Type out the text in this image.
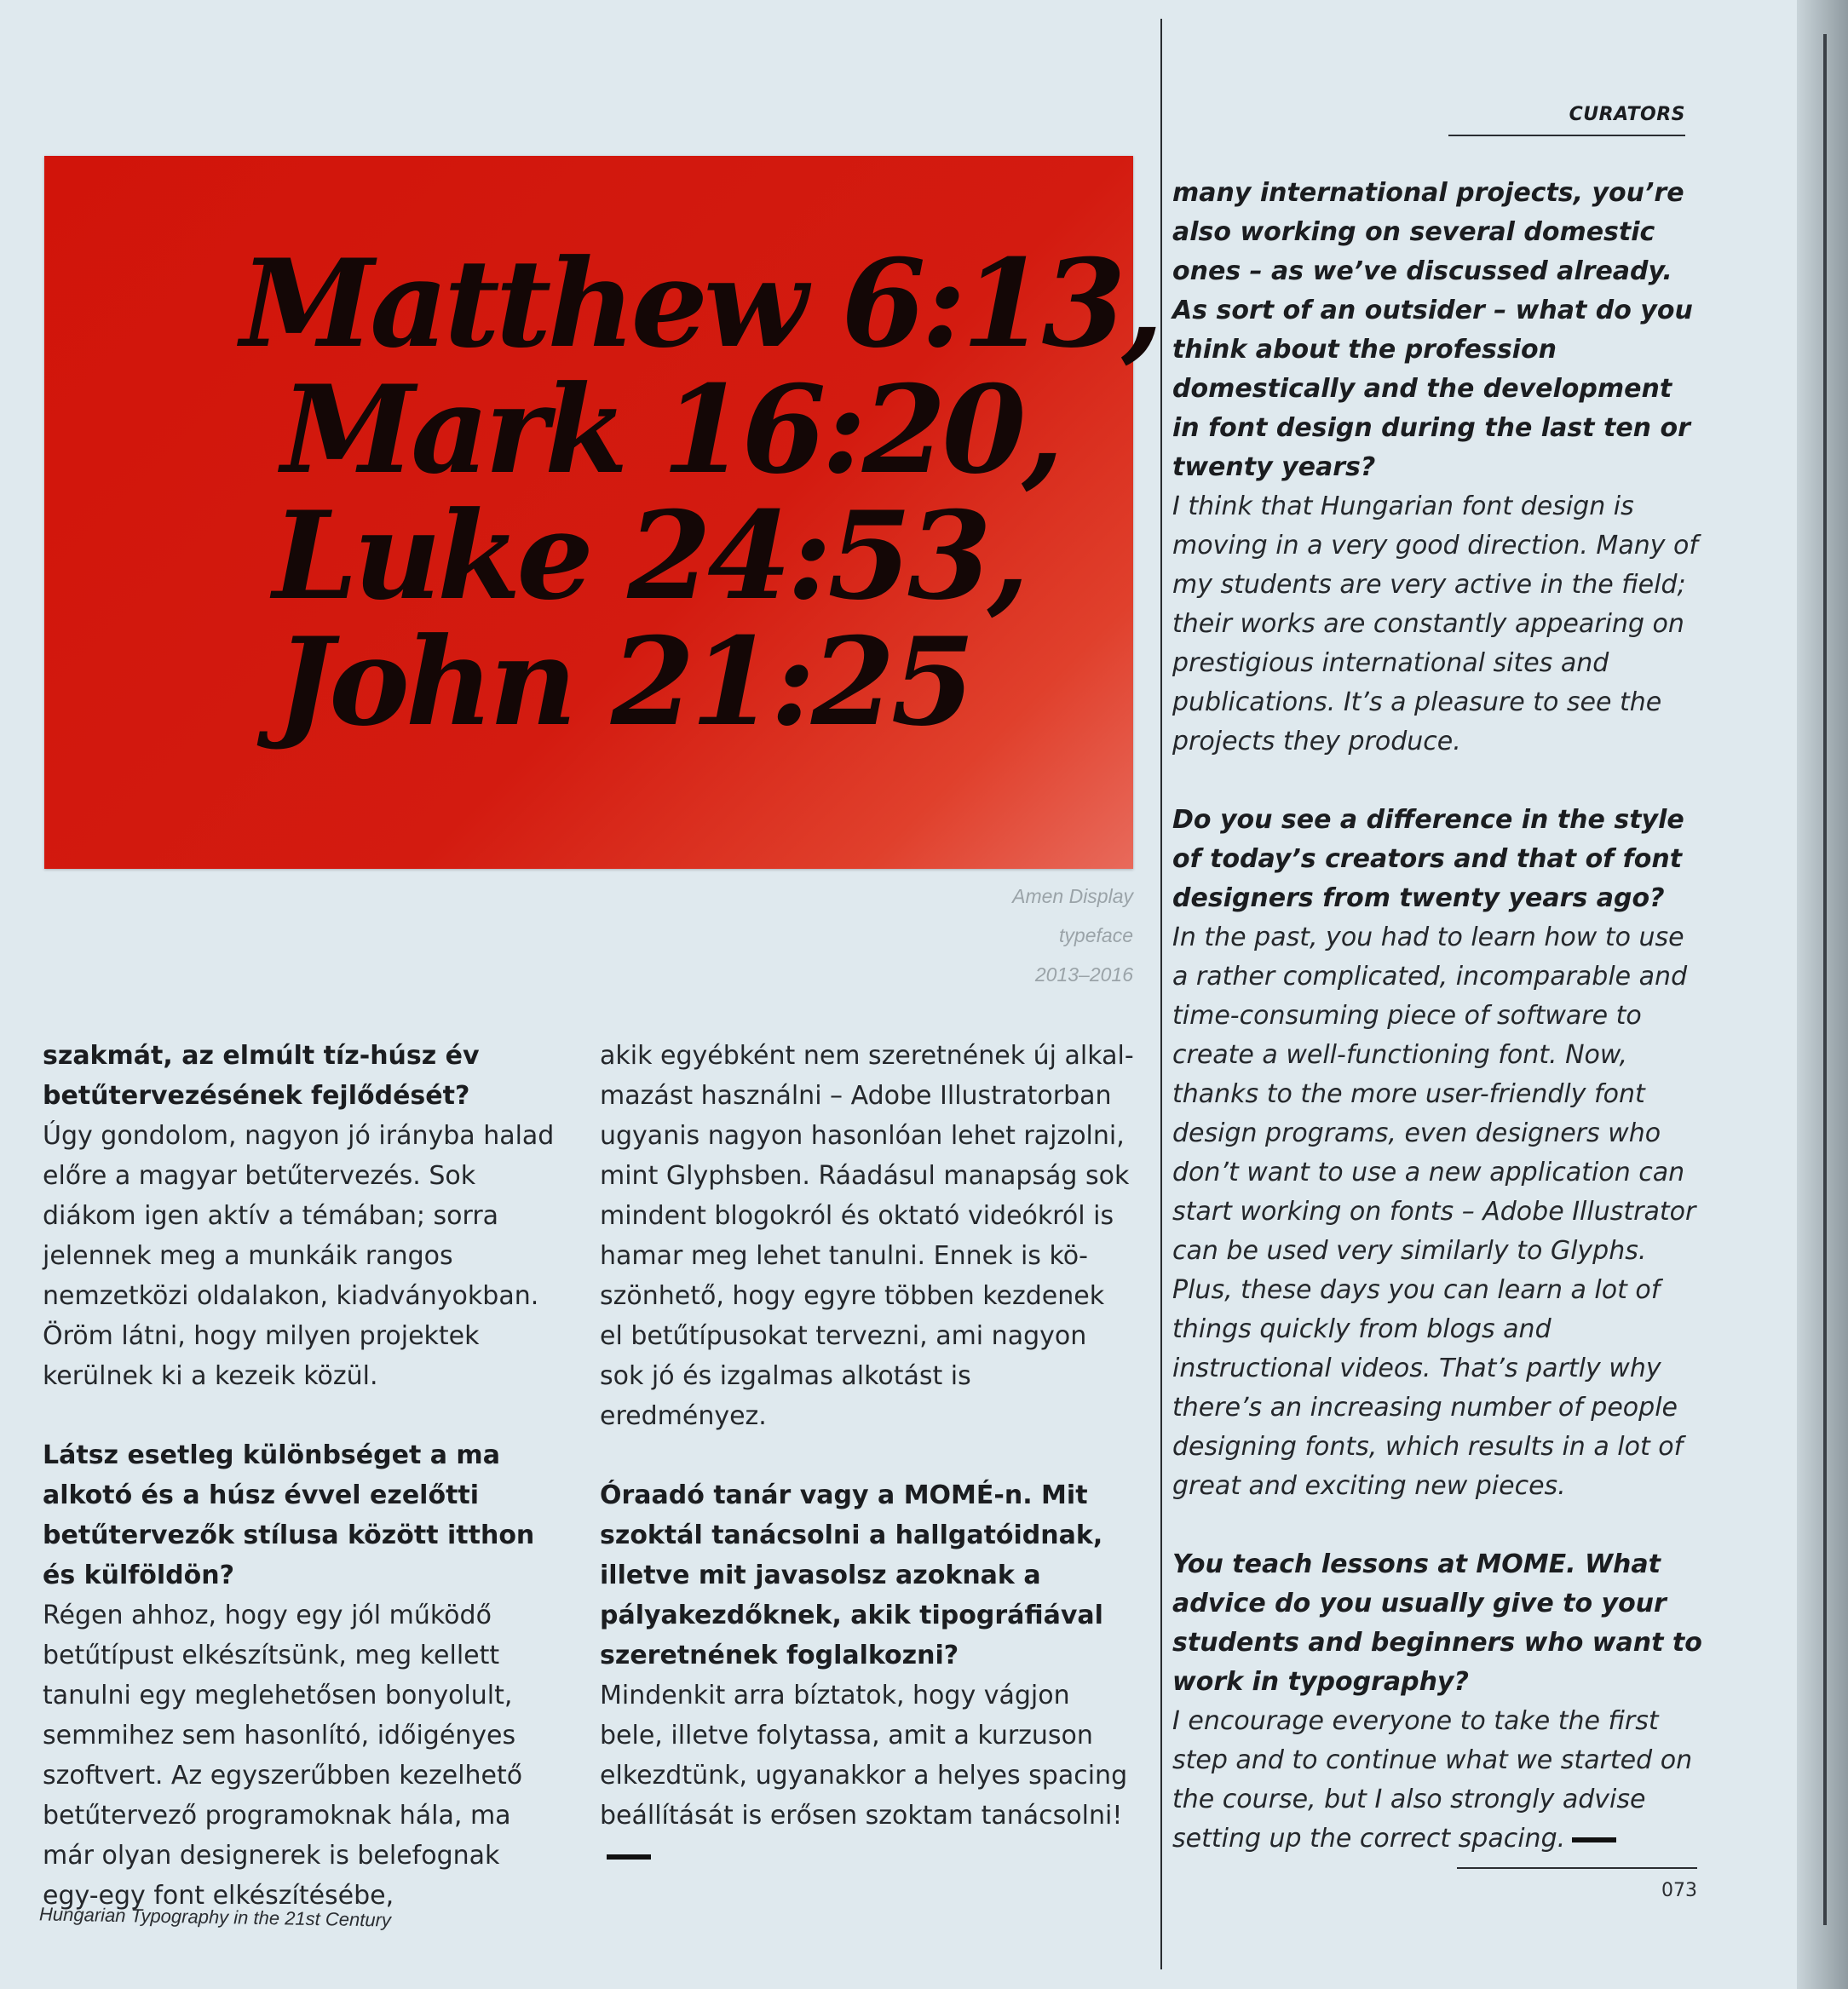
CURATORS
Matthew 6:13,
Mark 16:20,
Luke 24:53,
John 21:25
Amen Display
typeface
2013–2016

szakmát, az elmúlt tíz-húsz év betűtervezésének fejlődését?

Úgy gondolom, nagyon jó irányba halad előre a magyar betűtervezés. Sok diákom igen aktív a témában; sorra jelennek meg a munkáik rangos nemzetközi oldalakon, kiadványokban. Öröm látni, hogy milyen projektek kerülnek ki a kezeik közül.

Látsz esetleg különbséget a ma alkotó és a húsz évvel ezelőtti betűtervezők stílusa között itthon és külföldön?

Régen ahhoz, hogy egy jól működő betűtípust elkészítsünk, meg kellett tanulni egy meglehetősen bonyolult, semmihez sem hasonlító, időigényes szoftvert. Az egyszerűbben kezelhető betűtervező programoknak hála, ma már olyan designerek is belefognak egy-egy font elkészítésébe,

akik egyébként nem szeretnének új alkalmazást használni – Adobe Illustratorban ugyanis nagyon hasonlóan lehet rajzolni, mint Glyphsben. Ráadásul manapság sok mindent blogokról és oktató videókról is hamar meg lehet tanulni. Ennek is köszönhető, hogy egyre többen kezdenek el betűtípusokat tervezni, ami nagyon sok jó és izgalmas alkotást is eredményez.

Óraadó tanár vagy a MOMÉ-n. Mit szoktál tanácsolni a hallgatóidnak, illetve mit javasolsz azoknak a pályakezdőknek, akik tipográfiával szeretnének foglalkozni?

Mindenkit arra bíztatok, hogy vágjon bele, illetve folytassa, amit a kurzuson elkezdtünk, ugyanakkor a helyes spacing beállítását is erősen szoktam tanácsolni!

many international projects, you’re also working on several domestic ones – as we’ve discussed already. As sort of an outsider – what do you think about the profession domestically and the development in font design during the last ten or twenty years?

I think that Hungarian font design is moving in a very good direction. Many of my students are very active in the field; their works are constantly appearing on prestigious international sites and publications. It’s a pleasure to see the projects they produce.

Do you see a difference in the style of today’s creators and that of font designers from twenty years ago?

In the past, you had to learn how to use a rather complicated, incomparable and time-consuming piece of software to create a well-functioning font. Now, thanks to the more user-friendly font design programs, even designers who don’t want to use a new application can start working on fonts – Adobe Illustrator can be used very similarly to Glyphs. Plus, these days you can learn a lot of things quickly from blogs and instructional videos. That’s partly why there’s an increasing number of people designing fonts, which results in a lot of great and exciting new pieces.

You teach lessons at MOME. What advice do you usually give to your students and beginners who want to work in typography?

I encourage everyone to take the first step and to continue what we started on the course, but I also strongly advise setting up the correct spacing.

073
Hungarian Typography in the 21st Century
